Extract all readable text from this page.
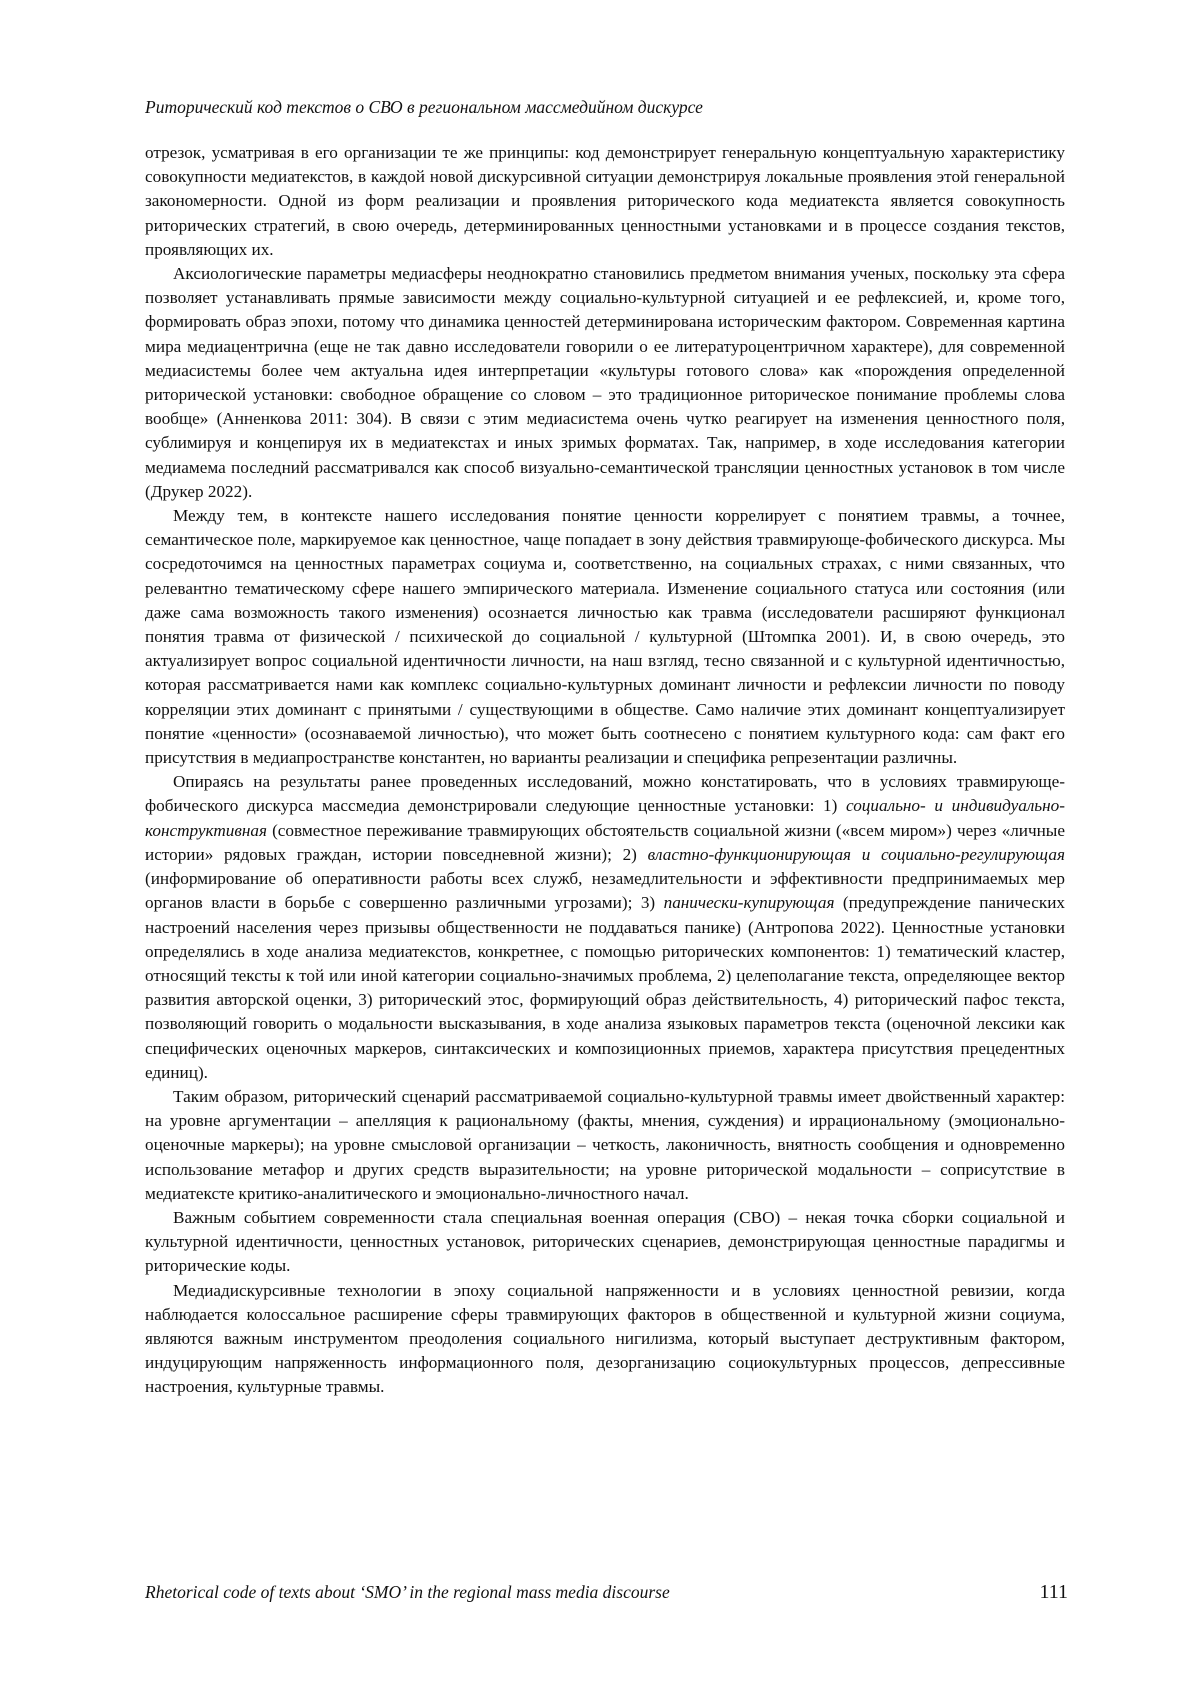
Риторический код текстов о СВО в региональном массмедийном дискурсе

отрезок, усматривая в его организации те же принципы: код демонстрирует генеральную концептуальную характеристику совокупности медиатекстов, в каждой новой дискурсивной ситуации демонстрируя локальные проявления этой генеральной закономерности. Одной из форм реализации и проявления риторического кода медиатекста является совокупность риторических стратегий, в свою очередь, детерминированных ценностными установками и в процессе создания текстов, проявляющих их.

Аксиологические параметры медиасферы неоднократно становились предметом внимания ученых, поскольку эта сфера позволяет устанавливать прямые зависимости между социально-культурной ситуацией и ее рефлексией, и, кроме того, формировать образ эпохи, потому что динамика ценностей детерминирована историческим фактором. Современная картина мира медиацентрична (еще не так давно исследователи говорили о ее литературоцентричном характере), для современной медиасистемы более чем актуальна идея интерпретации «культуры готового слова» как «порождения определенной риторической установки: свободное обращение со словом – это традиционное риторическое понимание проблемы слова вообще» (Анненкова 2011: 304). В связи с этим медиасистема очень чутко реагирует на изменения ценностного поля, сублимируя и концепируя их в медиатекстах и иных зримых форматах. Так, например, в ходе исследования категории медиамема последний рассматривался как способ визуально-семантической трансляции ценностных установок в том числе (Друкер 2022).

Между тем, в контексте нашего исследования понятие ценности коррелирует с понятием травмы, а точнее, семантическое поле, маркируемое как ценностное, чаще попадает в зону действия травмирующе-фобического дискурса. Мы сосредоточимся на ценностных параметрах социума и, соответственно, на социальных страхах, с ними связанных, что релевантно тематическому сфере нашего эмпирического материала. Изменение социального статуса или состояния (или даже сама возможность такого изменения) осознается личностью как травма (исследователи расширяют функционал понятия травма от физической / психической до социальной / культурной (Штомпка 2001). И, в свою очередь, это актуализирует вопрос социальной идентичности личности, на наш взгляд, тесно связанной и с культурной идентичностью, которая рассматривается нами как комплекс социально-культурных доминант личности и рефлексии личности по поводу корреляции этих доминант с принятыми / существующими в обществе. Само наличие этих доминант концептуализирует понятие «ценности» (осознаваемой личностью), что может быть соотнесено с понятием культурного кода: сам факт его присутствия в медиапространстве константен, но варианты реализации и специфика репрезентации различны.

Опираясь на результаты ранее проведенных исследований, можно констатировать, что в условиях травмирующе-фобического дискурса массмедиа демонстрировали следующие ценностные установки: 1) социально- и индивидуально-конструктивная (совместное переживание травмирующих обстоятельств социальной жизни («всем миром») через «личные истории» рядовых граждан, истории повседневной жизни); 2) властно-функционирующая и социально-регулирующая (информирование об оперативности работы всех служб, незамедлительности и эффективности предпринимаемых мер органов власти в борьбе с совершенно различными угрозами); 3) панически-купирующая (предупреждение панических настроений населения через призывы общественности не поддаваться панике) (Антропова 2022). Ценностные установки определялись в ходе анализа медиатекстов, конкретнее, с помощью риторических компонентов: 1) тематический кластер, относящий тексты к той или иной категории социально-значимых проблема, 2) целеполагание текста, определяющее вектор развития авторской оценки, 3) риторический этос, формирующий образ действительность, 4) риторический пафос текста, позволяющий говорить о модальности высказывания, в ходе анализа языковых параметров текста (оценочной лексики как специфических оценочных маркеров, синтаксических и композиционных приемов, характера присутствия прецедентных единиц).

Таким образом, риторический сценарий рассматриваемой социально-культурной травмы имеет двойственный характер: на уровне аргументации – апелляция к рациональному (факты, мнения, суждения) и иррациональному (эмоционально-оценочные маркеры); на уровне смысловой организации – четкость, лаконичность, внятность сообщения и одновременно использование метафор и других средств выразительности; на уровне риторической модальности – соприсутствие в медиатексте критико-аналитического и эмоционально-личностного начал.

Важным событием современности стала специальная военная операция (СВО) – некая точка сборки социальной и культурной идентичности, ценностных установок, риторических сценариев, демонстрирующая ценностные парадигмы и риторические коды.

Медиадискурсивные технологии в эпоху социальной напряженности и в условиях ценностной ревизии, когда наблюдается колоссальное расширение сферы травмирующих факторов в общественной и культурной жизни социума, являются важным инструментом преодоления социального нигилизма, который выступает деструктивным фактором, индуцирующим напряженность информационного поля, дезорганизацию социокультурных процессов, депрессивные настроения, культурные травмы.

Rhetorical code of texts about ‘SMO’ in the regional mass media discourse	111
